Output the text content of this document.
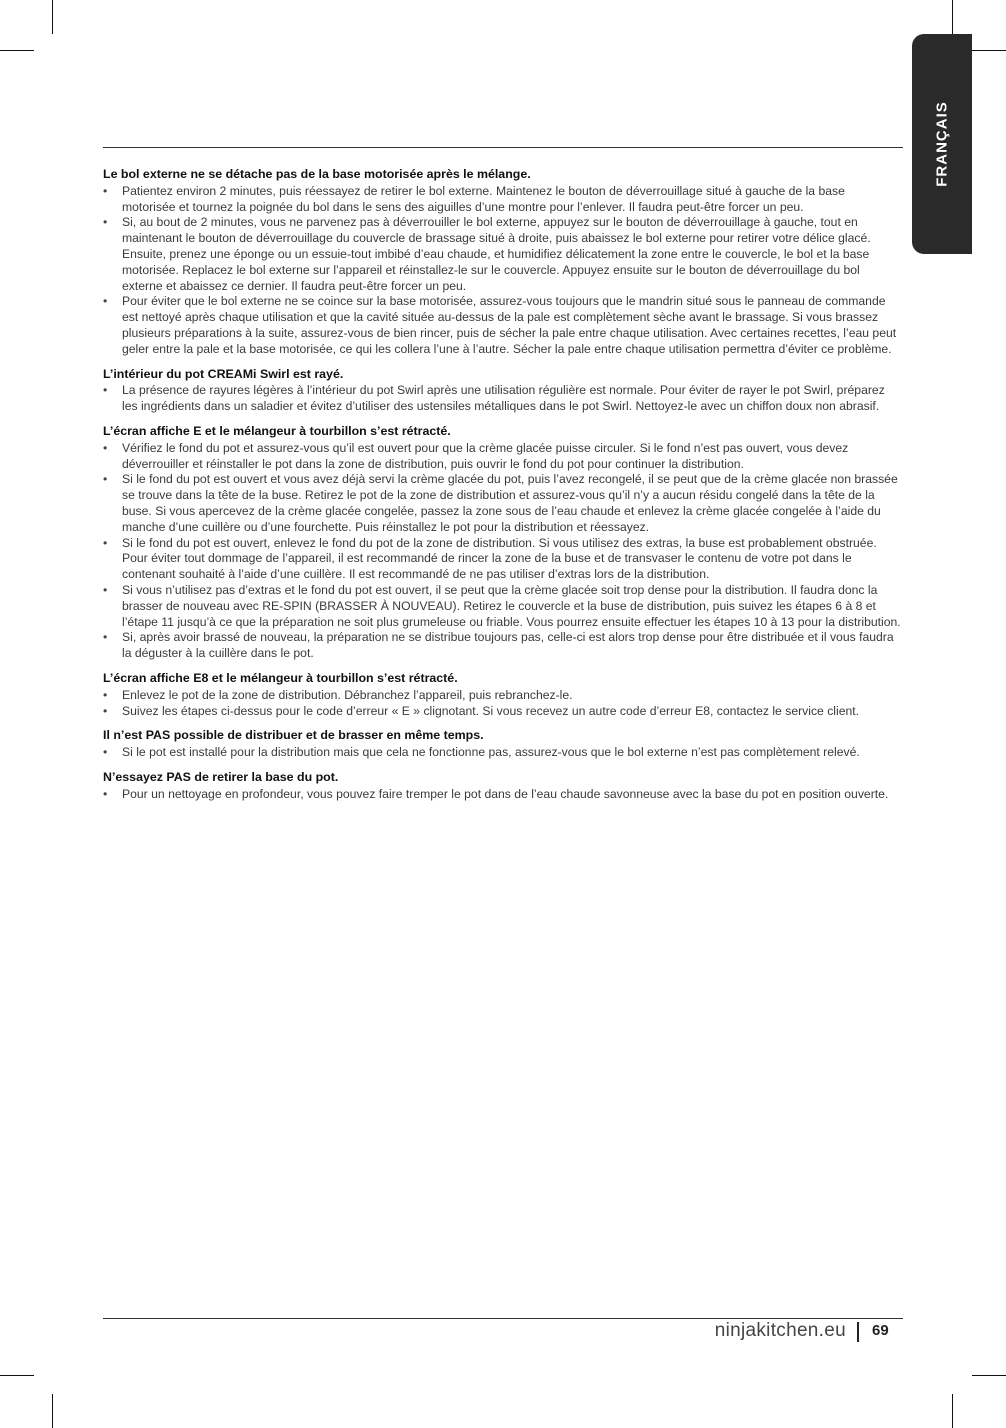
FRANÇAIS
Le bol externe ne se détache pas de la base motorisée après le mélange.
• Patientez environ 2 minutes, puis réessayez de retirer le bol externe. Maintenez le bouton de déverrouillage situé à gauche de la base motorisée et tournez la poignée du bol dans le sens des aiguilles d’une montre pour l’enlever. Il faudra peut-être forcer un peu.
• Si, au bout de 2 minutes, vous ne parvenez pas à déverrouiller le bol externe, appuyez sur le bouton de déverrouillage à gauche, tout en maintenant le bouton de déverrouillage du couvercle de brassage situé à droite, puis abaissez le bol externe pour retirer votre délice glacé. Ensuite, prenez une éponge ou un essuie-tout imbibé d’eau chaude, et humidifiez délicatement la zone entre le couvercle, le bol et la base motorisée. Replacez le bol externe sur l’appareil et réinstallez-le sur le couvercle. Appuyez ensuite sur le bouton de déverrouillage du bol externe et abaissez ce dernier. Il faudra peut-être forcer un peu.
• Pour éviter que le bol externe ne se coince sur la base motorisée, assurez-vous toujours que le mandrin situé sous le panneau de commande est nettoyé après chaque utilisation et que la cavité située au-dessus de la pale est complètement sèche avant le brassage. Si vous brassez plusieurs préparations à la suite, assurez-vous de bien rincer, puis de sécher la pale entre chaque utilisation. Avec certaines recettes, l’eau peut geler entre la pale et la base motorisée, ce qui les collera l’une à l’autre. Sécher la pale entre chaque utilisation permettra d’éviter ce problème.
L’intérieur du pot CREAMi Swirl est rayé.
• La présence de rayures légères à l’intérieur du pot Swirl après une utilisation régulière est normale. Pour éviter de rayer le pot Swirl, préparez les ingrédients dans un saladier et évitez d’utiliser des ustensiles métalliques dans le pot Swirl. Nettoyez-le avec un chiffon doux non abrasif.
L’écran affiche E et le mélangeur à tourbillon s’est rétracté.
• Vérifiez le fond du pot et assurez-vous qu’il est ouvert pour que la crème glacée puisse circuler. Si le fond n’est pas ouvert, vous devez déverrouiller et réinstaller le pot dans la zone de distribution, puis ouvrir le fond du pot pour continuer la distribution.
• Si le fond du pot est ouvert et vous avez déjà servi la crème glacée du pot, puis l’avez recongelé, il se peut que de la crème glacée non brassée se trouve dans la tête de la buse. Retirez le pot de la zone de distribution et assurez-vous qu’il n’y a aucun résidu congelé dans la tête de la buse. Si vous apercevez de la crème glacée congelée, passez la zone sous de l’eau chaude et enlevez la crème glacée congelée à l’aide du manche d’une cuillère ou d’une fourchette. Puis réinstallez le pot pour la distribution et réessayez.
• Si le fond du pot est ouvert, enlevez le fond du pot de la zone de distribution. Si vous utilisez des extras, la buse est probablement obstruée. Pour éviter tout dommage de l’appareil, il est recommandé de rincer la zone de la buse et de transvaser le contenu de votre pot dans le contenant souhaité à l’aide d’une cuillère. Il est recommandé de ne pas utiliser d’extras lors de la distribution.
• Si vous n’utilisez pas d’extras et le fond du pot est ouvert, il se peut que la crème glacée soit trop dense pour la distribution. Il faudra donc la brasser de nouveau avec RE-SPIN (BRASSER À NOUVEAU). Retirez le couvercle et la buse de distribution, puis suivez les étapes 6 à 8 et l’étape 11 jusqu’à ce que la préparation ne soit plus grumeleuse ou friable. Vous pourrez ensuite effectuer les étapes 10 à 13 pour la distribution.
• Si, après avoir brassé de nouveau, la préparation ne se distribue toujours pas, celle-ci est alors trop dense pour être distribuée et il vous faudra la déguster à la cuillère dans le pot.
L’écran affiche E8 et le mélangeur à tourbillon s’est rétracté.
• Enlevez le pot de la zone de distribution. Débranchez l’appareil, puis rebranchez-le.
• Suivez les étapes ci-dessus pour le code d’erreur « E » clignotant. Si vous recevez un autre code d’erreur E8, contactez le service client.
Il n’est PAS possible de distribuer et de brasser en même temps.
• Si le pot est installé pour la distribution mais que cela ne fonctionne pas, assurez-vous que le bol externe n’est pas complètement relevé.
N’essayez PAS de retirer la base du pot.
• Pour un nettoyage en profondeur, vous pouvez faire tremper le pot dans de l’eau chaude savonneuse avec la base du pot en position ouverte.
ninjakitchen.eu 69
